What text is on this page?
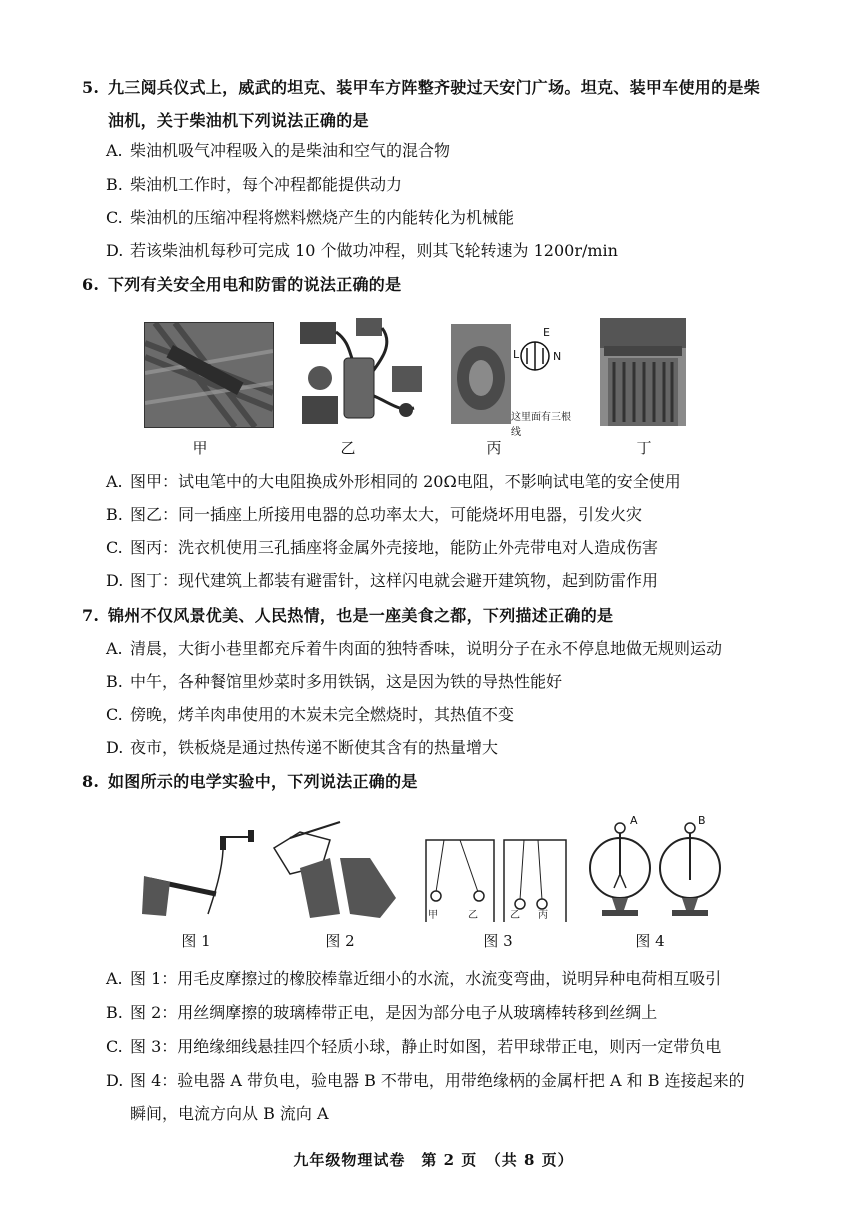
5. 九三阅兵仪式上，威武的坦克、装甲车方阵整齐驶过天安门广场。坦克、装甲车使用的是柴
油机，关于柴油机下列说法正确的是
A. 柴油机吸气冲程吸入的是柴油和空气的混合物
B. 柴油机工作时，每个冲程都能提供动力
C. 柴油机的压缩冲程将燃料燃烧产生的内能转化为机械能
D. 若该柴油机每秒可完成 10 个做功冲程，则其飞轮转速为 1200r/min
6. 下列有关安全用电和防雷的说法正确的是
E
L	N
这里面有三根线
甲	乙	丙	丁
A. 图甲：试电笔中的大电阻换成外形相同的 20Ω电阻，不影响试电笔的安全使用
B. 图乙：同一插座上所接用电器的总功率太大，可能烧坏用电器，引发火灾
C. 图丙：洗衣机使用三孔插座将金属外壳接地，能防止外壳带电对人造成伤害
D. 图丁：现代建筑上都装有避雷针，这样闪电就会避开建筑物，起到防雷作用
7. 锦州不仅风景优美、人民热情，也是一座美食之都，下列描述正确的是
A. 清晨，大街小巷里都充斥着牛肉面的独特香味，说明分子在永不停息地做无规则运动
B. 中午，各种餐馆里炒菜时多用铁锅，这是因为铁的导热性能好
C. 傍晚，烤羊肉串使用的木炭未完全燃烧时，其热值不变
D. 夜市，铁板烧是通过热传递不断使其含有的热量增大
8. 如图所示的电学实验中，下列说法正确的是
甲	乙	乙 丙
A	B
图 1	图 2	图 3	图 4
A. 图 1：用毛皮摩擦过的橡胶棒靠近细小的水流，水流变弯曲，说明异种电荷相互吸引
B. 图 2：用丝绸摩擦的玻璃棒带正电，是因为部分电子从玻璃棒转移到丝绸上
C. 图 3：用绝缘细线悬挂四个轻质小球，静止时如图，若甲球带正电，则丙一定带负电
D. 图 4：验电器 A 带负电，验电器 B 不带电，用带绝缘柄的金属杆把 A 和 B 连接起来的
瞬间，电流方向从 B 流向 A
九年级物理试卷　第 2 页　（共 8 页）
